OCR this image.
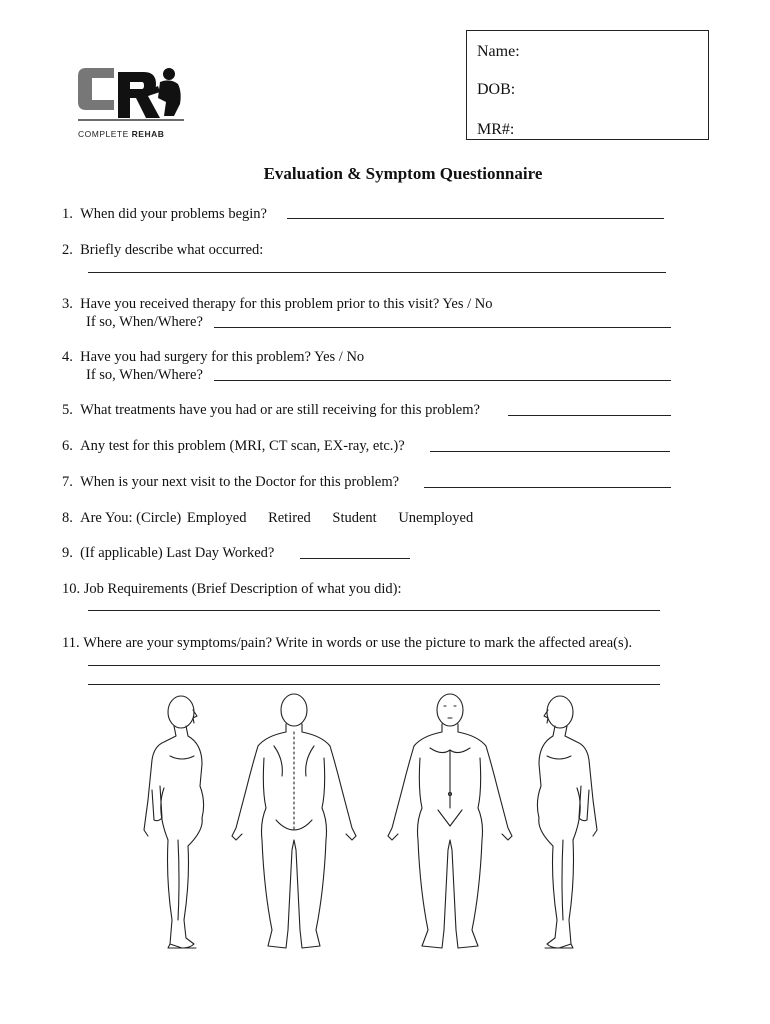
COMPLETE REHAB
Name:
DOB:
MR#:
Evaluation & Symptom Questionnaire
1. When did your problems begin?
2. Briefly describe what occurred:
3. Have you received therapy for this problem prior to this visit? Yes / No
If so, When/Where?
4. Have you had surgery for this problem? Yes / No
If so, When/Where?
5. What treatments have you had or are still receiving for this problem?
6. Any test for this problem (MRI, CT scan, EX-ray, etc.)?
7. When is your next visit to the Doctor for this problem?
8. Are You: (Circle) Employed Retired Student Unemployed
9. (If applicable) Last Day Worked?
10. Job Requirements (Brief Description of what you did):
11. Where are your symptoms/pain? Write in words or use the picture to mark the affected area(s).
